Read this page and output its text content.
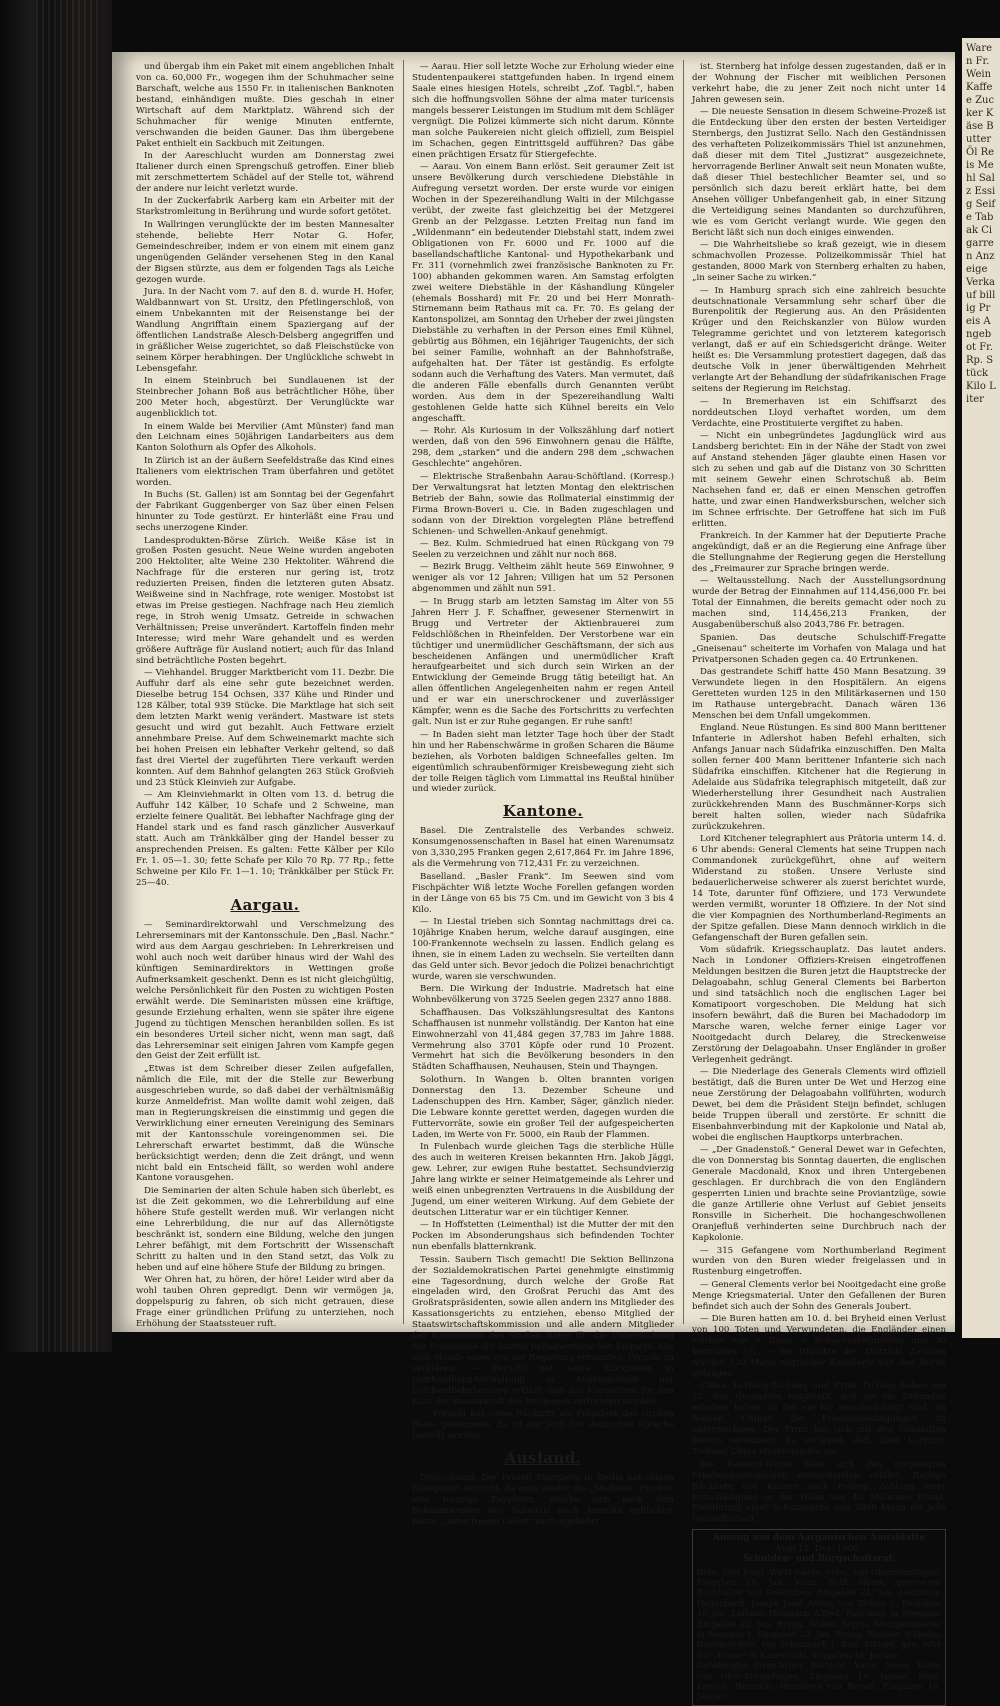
Waren Fr. Wein Kaffee Zucker Käse Butter Öl Reis Mehl Salz Essig Seife Tabak Cigarren Anzeige Verkauf billig Preis Angebot Fr. Rp. Stück Kilo Liter

und übergab ihm ein Paket mit einem angeblichen Inhalt von ca. 60,000 Fr., wogegen ihm der Schuhmacher seine Barschaft, welche aus 1550 Fr. in italienischen Banknoten bestand, einhändigen mußte. Dies geschah in einer Wirtschaft auf dem Marktplatz. Während sich der Schuhmacher für wenige Minuten entfernte, verschwanden die beiden Gauner. Das ihm übergebene Paket enthielt ein Sackbuch mit Zeitungen.

In der Aareschlucht wurden am Donnerstag zwei Italiener durch einen Sprengschuß getroffen. Einer blieb mit zerschmettertem Schädel auf der Stelle tot, während der andere nur leicht verletzt wurde.

In der Zuckerfabrik Aarberg kam ein Arbeiter mit der Starkstromleitung in Berührung und wurde sofort getötet.

In Wallringen verunglückte der im besten Mannesalter stehende, beliebte Herr Notar G. Hofer, Gemeindeschreiber, indem er von einem mit einem ganz ungenügenden Geländer versehenen Steg in den Kanal der Bigsen stürzte, aus dem er folgenden Tags als Leiche gezogen wurde.

Jura. In der Nacht vom 7. auf den 8. d. wurde H. Hofer, Waldbannwart von St. Ursitz, den Pfetlingerschloß, von einem Unbekannten mit der Reisenstange bei der Wandlung Angrifftain einem Spaziergang auf der öffentlichen Landstraße Alesch-Delsberg angegriffen und in gräßlicher Weise zugerichtet, so daß Fleischstücke von seinem Körper herabhingen. Der Unglückliche schwebt in Lebensgefahr.

In einem Steinbruch bei Sundlauenen ist der Steinbrecher Johann Boß aus beträchtlicher Höhe, über 200 Meter hoch, abgestürzt. Der Verunglückte war augenblicklich tot.

In einem Walde bei Mervilier (Amt Münster) fand man den Leichnam eines 50jährigen Landarbeiters aus dem Kanton Solothurn als Opfer des Alkohols.

In Zürich ist an der äußern Seefeldstraße das Kind eines Italieners vom elektrischen Tram überfahren und getötet worden.

In Buchs (St. Gallen) ist am Sonntag bei der Gegenfahrt der Fabrikant Guggenberger von Saz über einen Felsen hinunter zu Tode gestürzt. Er hinterläßt eine Frau und sechs unerzogene Kinder.

Landesprodukten-Börse Zürich. Weiße Käse ist in großen Posten gesucht. Neue Weine wurden angeboten 200 Hektoliter, alte Weine 230 Hektoliter. Während die Nachfrage für die ersteren nur gering ist, trotz reduzierten Preisen, finden die letzteren guten Absatz. Weißweine sind in Nachfrage, rote weniger. Mostobst ist etwas im Preise gestiegen. Nachfrage nach Heu ziemlich rege, in Stroh wenig Umsatz. Getreide in schwachen Verhältnissen; Preise unverändert. Kartoffeln finden mehr Interesse; wird mehr Ware gehandelt und es werden größere Aufträge für Ausland notiert; auch für das Inland sind beträchtliche Posten begehrt.

— Viehhandel. Brugger Marktbericht vom 11. Dezbr. Die Auffuhr darf als eine sehr gute bezeichnet werden. Dieselbe betrug 154 Ochsen, 337 Kühe und Rinder und 128 Kälber, total 939 Stücke. Die Marktlage hat sich seit dem letzten Markt wenig verändert. Mastware ist stets gesucht und wird gut bezahlt. Auch Fettware erzielt annehmbare Preise. Auf dem Schweinemarkt machte sich bei hohen Preisen ein lebhafter Verkehr geltend, so daß fast drei Viertel der zugeführten Tiere verkauft werden konnten. Auf dem Bahnhof gelangten 263 Stück Großvieh und 23 Stück Kleinvieh zur Aufgabe.

— Am Kleinviehmarkt in Olten vom 13. d. betrug die Auffuhr 142 Kälber, 10 Schafe und 2 Schweine, man erzielte feinere Qualität. Bei lebhafter Nachfrage ging der Handel stark und es fand rasch gänzlicher Ausverkauf statt. Auch am Tränkkälber ging der Handel besser zu ansprechenden Preisen. Es galten: Fette Kälber per Kilo Fr. 1. 05—1. 30; fette Schafe per Kilo 70 Rp. 77 Rp.; fette Schweine per Kilo Fr. 1—1. 10; Tränkkälber per Stück Fr. 25—40.

Aargau.

— Seminardirektorwahl und Verschmelzung des Lehrerseminars mit der Kantonsschule. Den „Basl. Nachr.“ wird aus dem Aargau geschrieben: In Lehrerkreisen und wohl auch noch weit darüber hinaus wird der Wahl des künftigen Seminardirektors in Wettingen große Aufmerksamkeit geschenkt. Denn es ist nicht gleichgültig, welche Persönlichkeit für den Posten zu wichtigen Posten erwählt werde. Die Seminaristen müssen eine kräftige, gesunde Erziehung erhalten, wenn sie später ihre eigene Jugend zu tüchtigen Menschen heranbilden sollen. Es ist ein besonderes Urteil sicher nicht, wenn man sagt, daß das Lehrerseminar seit einigen Jahren vom Kampfe gegen den Geist der Zeit erfüllt ist.

„Etwas ist dem Schreiber dieser Zeilen aufgefallen, nämlich die Eile, mit der die Stelle zur Bewerbung ausgeschrieben wurde, so daß dabei der verhältnismäßig kurze Anmeldefrist. Man wollte damit wohl zeigen, daß man in Regierungskreisen die einstimmig und gegen die Verwirklichung einer erneuten Vereinigung des Seminars mit der Kantonsschule voreingenommen sei. Die Lehrerschaft erwartet bestimmt, daß die Wünsche berücksichtigt werden; denn die Zeit drängt, und wenn nicht bald ein Entscheid fällt, so werden wohl andere Kantone vorausgehen.

Die Seminarien der alten Schule haben sich überlebt, es ist die Zeit gekommen, wo die Lehrerbildung auf eine höhere Stufe gestellt werden muß. Wir verlangen nicht eine Lehrerbildung, die nur auf das Allernötigste beschränkt ist, sondern eine Bildung, welche den jungen Lehrer befähigt, mit dem Fortschritt der Wissenschaft Schritt zu halten und in den Stand setzt, das Volk zu heben und auf eine höhere Stufe der Bildung zu bringen.

Wer Ohren hat, zu hören, der höre! Leider wird aber da wohl tauben Ohren gepredigt. Denn wir vermögen ja, doppelspurig zu fahren, ob sich nicht getrauen, diese Frage einer gründlichen Prüfung zu unterziehen, noch Erhöhung der Staatssteuer ruft.

— Aarau. Hier soll letzte Woche zur Erholung wieder eine Studentenpaukerei stattgefunden haben. In irgend einem Saale eines hiesigen Hotels, schreibt „Zof. Tagbl.“, haben sich die hoffnungsvollen Söhne der alma mater turicensis mangels besserer Leistungen im Studium mit dem Schläger vergnügt. Die Polizei kümmerte sich nicht darum. Könnte man solche Paukereien nicht gleich offiziell, zum Beispiel im Schachen, gegen Eintrittsgeld aufführen? Das gäbe einen prächtigen Ersatz für Stiergefechte.

— Aarau. Von einem Bann erlöst. Seit geraumer Zeit ist unsere Bevölkerung durch verschiedene Diebstähle in Aufregung versetzt worden. Der erste wurde vor einigen Wochen in der Spezereihandlung Walti in der Milchgasse verübt, der zweite fast gleichzeitig bei der Metzgerei Grenb an der Pelzgasse. Letzten Freitag nun fand im „Wildenmann“ ein bedeutender Diebstahl statt, indem zwei Obligationen von Fr. 6000 und Fr. 1000 auf die basellandschaftliche Kantonal- und Hypothekarbank und Fr. 311 (vornehmlich zwei französische Banknoten zu Fr. 100) abhanden gekommen waren. Am Samstag erfolgten zwei weitere Diebstähle in der Käshandlung Küngeler (ehemals Bosshard) mit Fr. 20 und bei Herr Monrath-Stirnemann beim Rathaus mit ca. Fr. 70. Es gelang der Kantonspolizei, am Sonntag den Urheber der zwei jüngsten Diebstähle zu verhaften in der Person eines Emil Kühnel, gebürtig aus Böhmen, ein 16jähriger Taugenichts, der sich bei seiner Familie, wohnhaft an der Bahnhofstraße, aufgehalten hat. Der Täter ist geständig. Es erfolgte sodann auch die Verhaftung des Vaters. Man vermutet, daß die anderen Fälle ebenfalls durch Genannten verübt worden. Aus dem in der Spezereihandlung Walti gestohlenen Gelde hatte sich Kühnel bereits ein Velo angeschafft.

— Rohr. Als Kuriosum in der Volkszählung darf notiert werden, daß von den 596 Einwohnern genau die Hälfte, 298, dem „starken“ und die andern 298 dem „schwachen Geschlechte“ angehören.

— Elektrische Straßenbahn Aarau-Schöftland. (Korresp.) Der Verwaltungsrat hat letzten Montag den elektrischen Betrieb der Bahn, sowie das Rollmaterial einstimmig der Firma Brown-Boveri u. Cie. in Baden zugeschlagen und sodann von der Direktion vorgelegten Pläne betreffend Schienen- und Schwellen-Ankauf genehmigt.

— Bez. Kulm. Schmiedrued hat einen Rückgang von 79 Seelen zu verzeichnen und zählt nur noch 868.

— Bezirk Brugg. Veltheim zählt heute 569 Einwohner, 9 weniger als vor 12 Jahren; Villigen hat um 52 Personen abgenommen und zählt nun 591.

— In Brugg starb am letzten Samstag im Alter von 55 Jahren Herr J. F. Schaffner, gewesener Sternenwirt in Brugg und Vertreter der Aktienbrauerei zum Feldschlößchen in Rheinfelden. Der Verstorbene war ein tüchtiger und unermüdlicher Geschäftsmann, der sich aus bescheidenen Anfängen und unermüdlicher Kraft heraufgearbeitet und sich durch sein Wirken an der Entwicklung der Gemeinde Brugg tätig beteiligt hat. An allen öffentlichen Angelegenheiten nahm er regen Anteil und er war ein unerschrockener und zuverlässiger Kämpfer, wenn es die Sache des Fortschritts zu verfechten galt. Nun ist er zur Ruhe gegangen. Er ruhe sanft!

— In Baden sieht man letzter Tage hoch über der Stadt hin und her Rabenschwärme in großen Scharen die Bäume beziehen, als Vorboten baldigen Schneefalles gelten. Im eigentümlich schraubenförmiger Kreisbewegung zieht sich der tolle Reigen täglich vom Limmattal ins Reußtal hinüber und wieder zurück.

Kantone.

Basel. Die Zentralstelle des Verbandes schweiz. Konsumgenossenschaften in Basel hat einen Warenumsatz von 3,330,295 Franken gegen 2,617,864 Fr. im Jahre 1896, als die Vermehrung von 712,431 Fr. zu verzeichnen.

Baselland. „Basler Frank“. Im Seewen sind vom Fischpächter Wiß letzte Woche Forellen gefangen worden in der Länge von 65 bis 75 Cm. und im Gewicht von 3 bis 4 Kilo.

— In Liestal trieben sich Sonntag nachmittags drei ca. 10jährige Knaben herum, welche darauf ausgingen, eine 100-Frankennote wechseln zu lassen. Endlich gelang es ihnen, sie in einem Laden zu wechseln. Sie verteilten dann das Geld unter sich. Bevor jedoch die Polizei benachrichtigt wurde, waren sie verschwunden.

Bern. Die Wirkung der Industrie. Madretsch hat eine Wohnbevölkerung von 3725 Seelen gegen 2327 anno 1888.

Schaffhausen. Das Volkszählungsresultat des Kantons Schaffhausen ist nunmehr vollständig. Der Kanton hat eine Einwohnerzahl von 41,484 gegen 37,783 im Jahre 1888. Vermehrung also 3701 Köpfe oder rund 10 Prozent. Vermehrt hat sich die Bevölkerung besonders in den Städten Schaffhausen, Neuhausen, Stein und Thayngen.

Solothurn. In Wangen b. Olten brannten vorigen Donnerstag den 13. Dezember Scheune und Ladenschuppen des Hrn. Kamber, Säger, gänzlich nieder. Die Lebware konnte gerettet werden, dagegen wurden die Futtervorräte, sowie ein großer Teil der aufgespeicherten Laden, im Werte von Fr. 5000, ein Raub der Flammen.

In Fulenbach wurde gleichen Tags die sterbliche Hülle des auch in weiteren Kreisen bekannten Hrn. Jakob Jäggi, gew. Lehrer, zur ewigen Ruhe bestattet. Sechsundvierzig Jahre lang wirkte er seiner Heimatgemeinde als Lehrer und weiß einen unbegrenzten Vertrauens in die Ausbildung der Jugend, um einer weiteren Wirkung. Auf dem Gebiete der deutschen Litteratur war er ein tüchtiger Kenner.

— In Hoffstetten (Leimenthal) ist die Mutter der mit den Pocken im Absonderungshaus sich befindenden Tochter nun ebenfalls blatternkrank.

Tessin. Saubern Tisch gemacht! Die Sektion Bellinzona der Sozialdemokratischen Partei genehmigte einstimmig eine Tagesordnung, durch welche der Große Rat eingeladen wird, den Großrat Peruchi das Amt des Großratspräsidenten, sowie allen andern ins Mitglieder des Kassationsgerichts zu entziehen, ebenso Mitglied der Staatswirtschaftskommission und alle andern Mitglieder der Kommission des Großen Rates für die Untersuchung der Ergebnisse der letzten parlamentarischen Enquete. Aus dem Munde eines von der Regierung ernannten, Peruchi zu verklären. — Peruchi hat seine Rückzeiten in Gotthardbahn-Verwaltung in Angelegenheit der Gotthardbahnbesitzer erklärt, daß das Konsortium für den Kauf der Wasserkraft des Ritomsees verfochten worden.

— Peruchi hat seine Rücktritt als Präsident des Großen Rates genommen. Es ist der jetzt der deutschen Sprache bestellt worden.

Ausland.

Deutschland. Der Prozeß Sternberg in Berlin hat seinen Höhepunkt erreicht, da man wieder die „Maffesie“ Fischer, eine traurige Kupplerin, welche sich nach dem Bekanntwerden des Skandals nach Amerika geflüchtet hatte, „unter freiem Geleit“ zurückgekehrt

ist. Sternberg hat infolge dessen zugestanden, daß er in der Wohnung der Fischer mit weiblichen Personen verkehrt habe, die zu jener Zeit noch nicht unter 14 Jahren gewesen sein.

— Die neueste Sensation in diesem Schweine-Prozeß ist die Entdeckung über den ersten der besten Verteidiger Sternbergs, den Justizrat Sello. Nach den Geständnissen des verhafteten Polizeikommissärs Thiel ist anzunehmen, daß dieser mit dem Titel „Justizrat“ ausgezeichnete, hervorragende Berliner Anwalt seit neun Monaten wußte, daß dieser Thiel bestechlicher Beamter sei, und so persönlich sich dazu bereit erklärt hatte, bei dem Ansehen völliger Unbefangenheit gab, in einer Sitzung die Verteidigung seines Mandanten so durchzuführen, wie es vom Gericht verlangt wurde. Wie gegen den Bericht läßt sich nun doch einiges einwenden.

— Die Wahrheitsliebe so kraß gezeigt, wie in diesem schmachvollen Prozesse. Polizeikommissär Thiel hat gestanden, 8000 Mark von Sternberg erhalten zu haben, „in seiner Sache zu wirken.“

— In Hamburg sprach sich eine zahlreich besuchte deutschnationale Versammlung sehr scharf über die Burenpolitik der Regierung aus. An den Präsidenten Krüger und den Reichskanzler von Bülow wurden Telegramme gerichtet und von letzterem kategorisch verlangt, daß er auf ein Schiedsgericht dränge. Weiter heißt es: Die Versammlung protestiert dagegen, daß das deutsche Volk in jener überwältigenden Mehrheit verlangte Art der Behandlung der südafrikanischen Frage seitens der Regierung im Reichstag.

— In Bremerhaven ist ein Schiffsarzt des norddeutschen Lloyd verhaftet worden, um dem Verdachte, eine Prostituierte vergiftet zu haben.

— Nicht ein unbegründetes Jagdunglück wird aus Landsberg berichtet: Ein in der Nähe der Stadt von zwei auf Anstand stehenden Jäger glaubte einen Hasen vor sich zu sehen und gab auf die Distanz von 30 Schritten mit seinem Gewehr einen Schrotschuß ab. Beim Nachsehen fand er, daß er einen Menschen getroffen hatte, und zwar einen Handwerksburschen, welcher sich im Schnee erfrischte. Der Getroffene hat sich im Fuß erlitten.

Frankreich. In der Kammer hat der Deputierte Prache angekündigt, daß er an die Regierung eine Anfrage über die Stellungnahme der Regierung gegen die Herstellung des „Freimaurer zur Sprache bringen werde.

— Weltausstellung. Nach der Ausstellungsordnung wurde der Betrag der Einnahmen auf 114,456,000 Fr. bei Total der Einnahmen, die bereits gemacht oder noch zu machen sind, 114,456,213 Franken, der Ausgabenüberschuß also 2043,786 Fr. betragen.

Spanien. Das deutsche Schulschiff-Fregatte „Gneisenau“ scheiterte im Vorhafen von Malaga und hat Privatpersonen Schaden gegen ca. 40 Ertrunkenen.

Das gestrandete Schiff hatte 450 Mann Besatzung. 39 Verwundete liegen in den Hospitälern. An eigens Geretteten wurden 125 in den Militärkasernen und 150 im Rathause untergebracht. Danach wären 136 Menschen bei dem Unfall umgekommen.

England. Neue Rüstungen. Es sind 800 Mann berittener Infanterie in Adlershot haben Befehl erhalten, sich Anfangs Januar nach Südafrika einzuschiffen. Den Malta sollen ferner 400 Mann berittener Infanterie sich nach Südafrika einschiffen. Kitchener hat die Regierung in Adelaide aus Südafrika telegraphisch mitgeteilt, daß zur Wiederherstellung ihrer Gesundheit nach Australien zurückkehrenden Mann des Buschmänner-Korps sich bereit halten sollen, wieder nach Südafrika zurückzukehren.

Lord Kitchener telegraphiert aus Prätoria unterm 14. d. 6 Uhr abends: General Clements hat seine Truppen nach Commandonek zurückgeführt, ohne auf weitern Widerstand zu stoßen. Unsere Verluste sind bedauerlicherweise schwerer als zuerst berichtet wurde, 14 Tote, darunter fünf Offiziere, und 173 Verwundete werden vermißt, worunter 18 Offiziere. In der Not sind die vier Kompagnien des Northumberland-Regiments an der Spitze gefallen. Diese Mann dennoch wirklich in die Gefangenschaft der Buren gefallen sein.

Vom südafrik. Kriegsschauplatz. Das lautet anders. Nach in Londoner Offiziers-Kreisen eingetroffenen Meldungen besitzen die Buren jetzt die Hauptstrecke der Delagoabahn, schlug General Clements bei Barberton und sind tatsächlich noch die englischen Lager bei Komatipoort vorgeschoben. Die Meldung hat sich insofern bewährt, daß die Buren bei Machadodorp im Marsche waren, welche ferner einige Lager vor Nooitgedacht durch Delarey, die Streckenweise Zerstörung der Delagoabahn. Unser Engländer in großer Verlegenheit gedrängt.

— Die Niederlage des Generals Clements wird offiziell bestätigt, daß die Buren unter De Wet und Herzog eine neue Zerstörung der Delagoabahn vollführten, wodurch Dewet, bei dem die Präsident Steijn befindet, schlugen beide Truppen überall und zerstörte. Er schnitt die Eisenbahnverbindung mit der Kapkolonie und Natal ab, wobei die englischen Hauptkorps unterbrachen.

— „Der Gnadenstoß.“ General Dewet war in Gefechten, die von Donnerstag bis Sonntag dauerten, die englischen Generale Macdonald, Knox und ihren Untergebenen geschlagen. Er durchbrach die von den Engländern gesperrten Linien und brachte seine Proviantzüge, sowie die ganze Artillerie ohne Verlust auf Gebiet jenseits Ronsville in Sicherheit. Die hochangeschwollenen Oranjefluß verhinderten seine Durchbruch nach der Kapkolonie.

— 315 Gefangene vom Northumberland Regiment wurden von den Buren wieder freigelassen und in Rustenburg eingetroffen.

— General Clements verlor bei Nooitgedacht eine große Menge Kriegsmaterial. Unter den Gefallenen der Buren befindet sich auch der Sohn des Generals Joubert.

— Die Buren hatten am 10. d. bei Bryheid einen Verlust von 100 Toten und Verwundeten, die Engländer einen solchen von 6 Toten, 9 Schwerverwundeten und 30 Vermißten (?). — Im Distrikte des Distrikts Zastrom wurden 120 Mann englischer Kavallerie von den Buren gefangen.

China. Li-Hung-Tschang und Prinz Tsching haben am 13. den Gesandten mitgeteilt, daß sie die Urkunden erhalten haben, in der sie für bevollmächtigt sind, im Namen Chinas die Friedensbedingungen zu unterzeichnen. Der Prinz hat sich mit den Gesandten bereits vereinbart. Es verlautet, daß, über Li-Hung-Tschang China einverstanden sei.

Die Kaiserin-Witwe habe sich den vorgelegten Friedensbedingungen einverstanden erklärt: Baldige Rückkehr des Kaisers nach Peking, Zahlung einer Entschädigung in der Höhe von 40 Millionen Pfund, Einführung einer Schutzwache von 2000 Mann für jede Gesandtschaft.

Auszug aus dem Aargauischen Amtsblatte
Vom 15. Dez. 1900.
Schulden- und Bürgschaftsruf.
Rohr. Frei Josef, Wirts-Jakobs Sohn, von Oberrohrdingen. Eingaben 19. Jan. Kulm. Roth Albert, gewesener Buchhalter von Gränichen. Eingaben 21. Jan. Lenzburg. Hagenbuch, Joseph Josef Anton, von Zeihen †. Eingaben 16 Jan. Leibniz. Hubmann Alfred, Fabrikant in Seengen. Eingaben 22. Jan. Brugg. Walter, Sopris, Metzgermeister in Seengen †. Eingaben 22. Jan. Brugg. Widmer, Wilhelm, Bezirksrichter, von Schinznach †. Bzsl, Eduard, gew. Wirt zur „Krone“ in Kaiserstuhl. Eingaben 16. Januar.
Genehmigte Inventarien. Bärtschi, Xaver, Nessi, Vater, von Ober-Ehrendingen. Eingaben 19. Januar. Muri. Keusch, Heinrich, Humbrets von Boswil. Eingaben 16. Januar.
